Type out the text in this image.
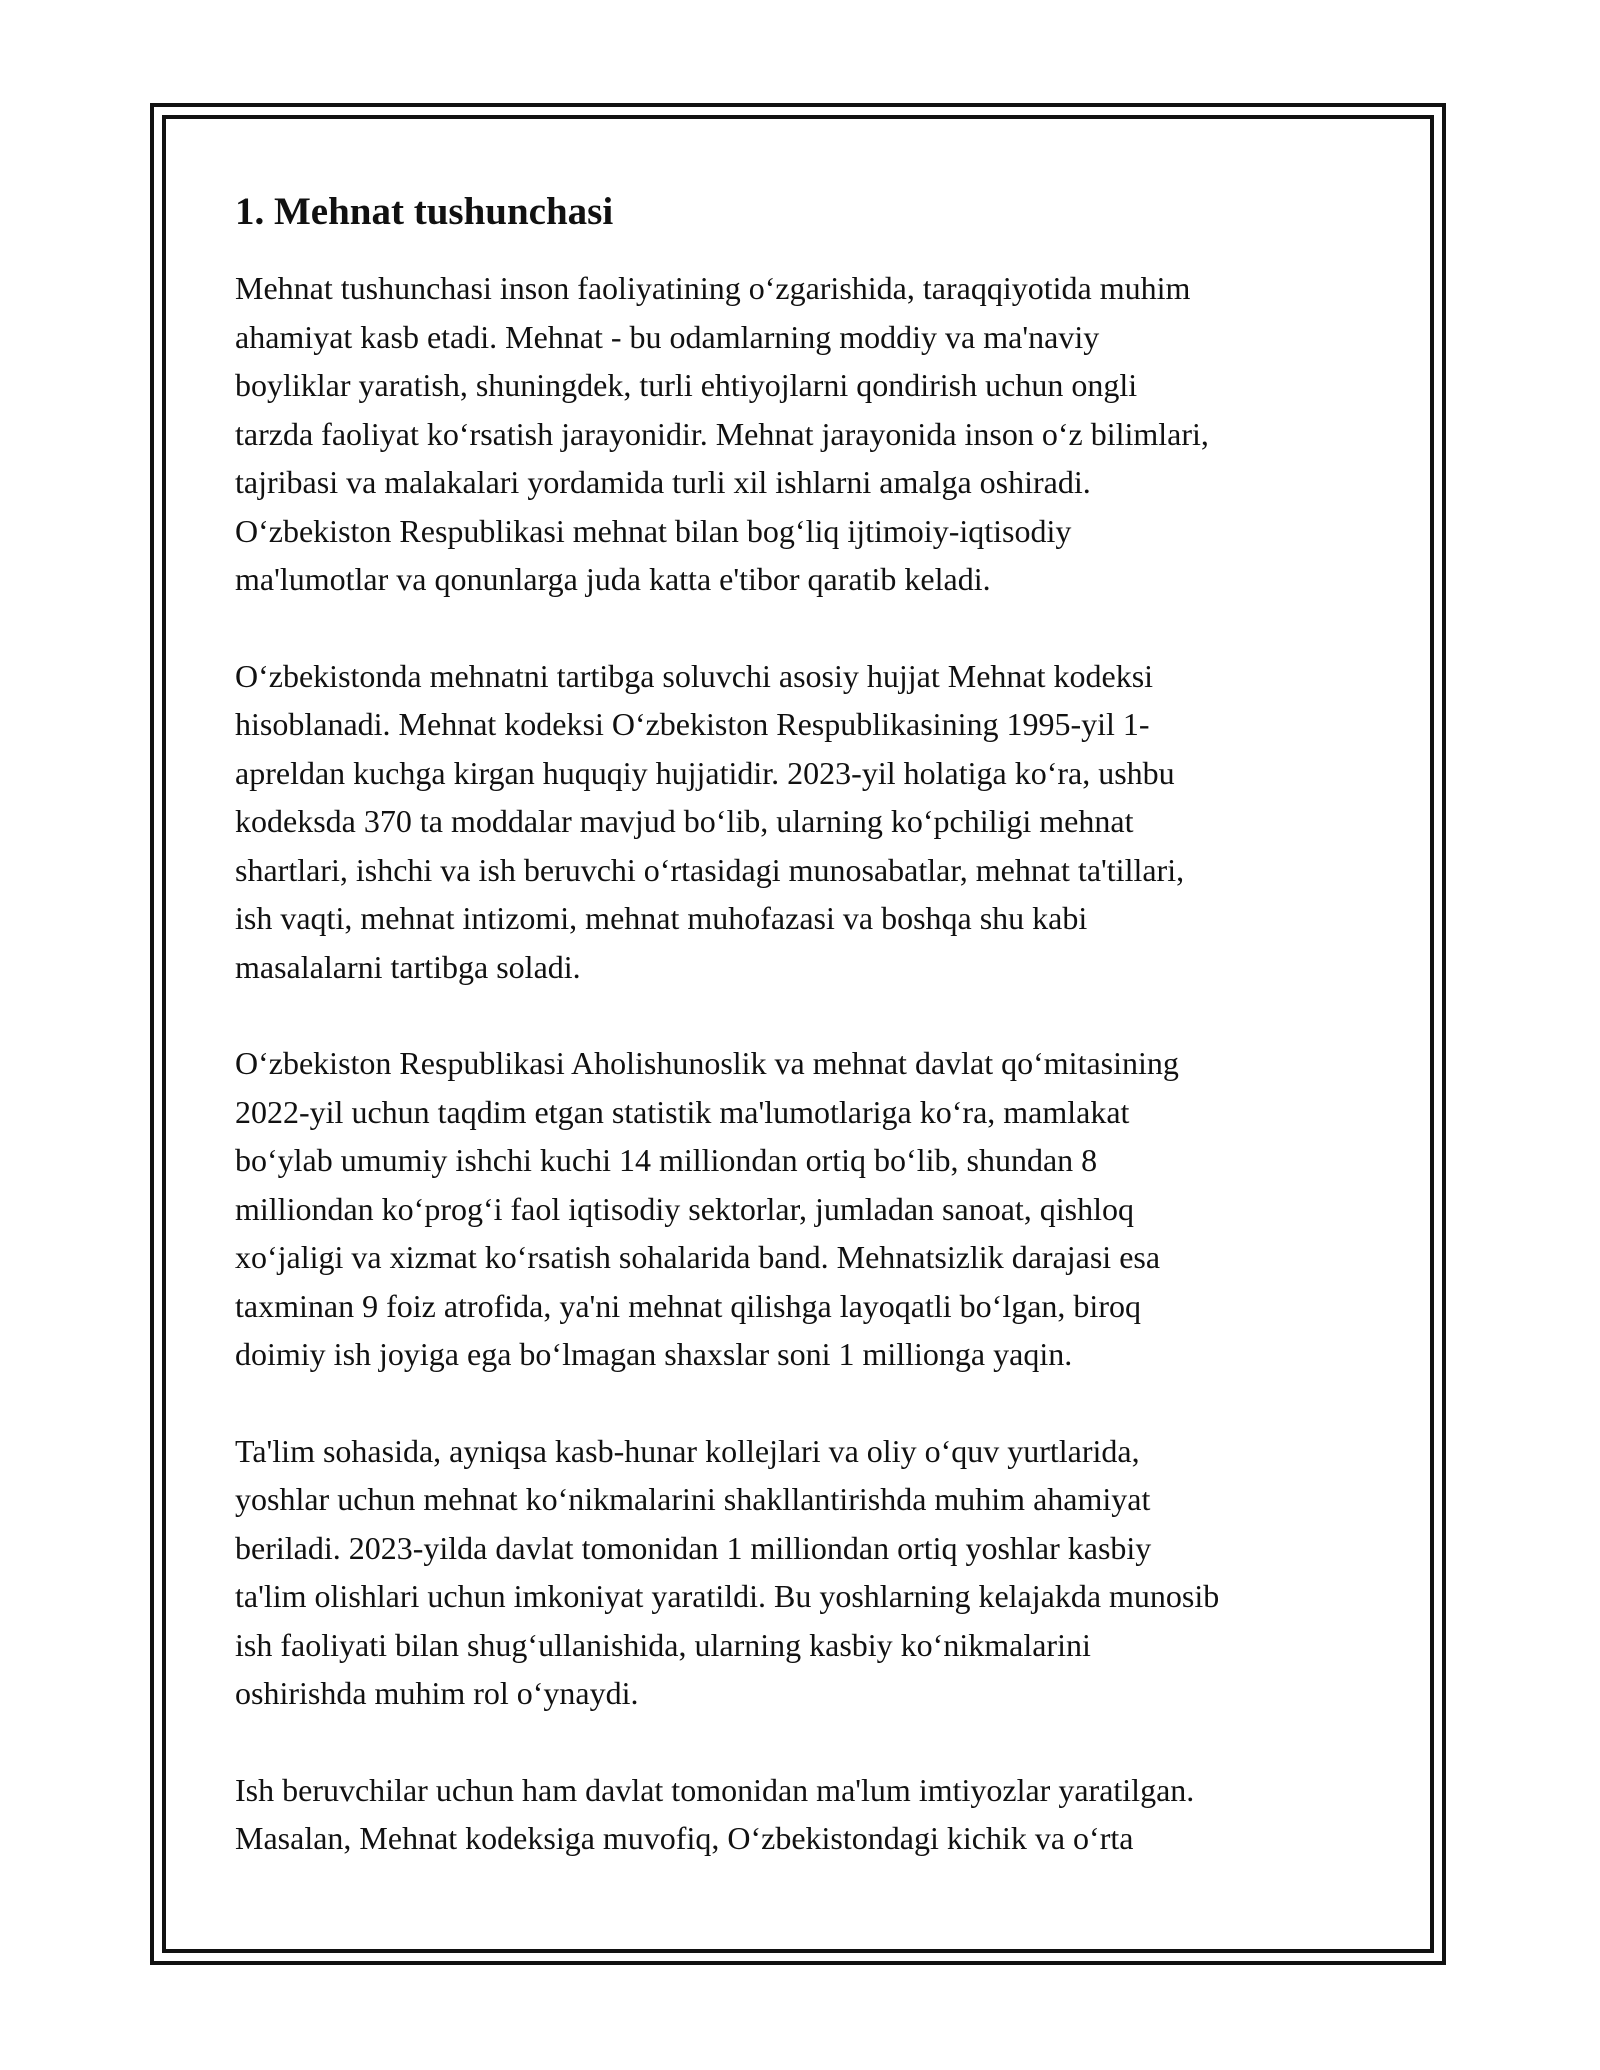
1. Mehnat tushunchasi

Mehnat tushunchasi inson faoliyatining o‘zgarishida, taraqqiyotida muhim
ahamiyat kasb etadi. Mehnat - bu odamlarning moddiy va ma'naviy
boyliklar yaratish, shuningdek, turli ehtiyojlarni qondirish uchun ongli
tarzda faoliyat ko‘rsatish jarayonidir. Mehnat jarayonida inson o‘z bilimlari,
tajribasi va malakalari yordamida turli xil ishlarni amalga oshiradi.
O‘zbekiston Respublikasi mehnat bilan bog‘liq ijtimoiy-iqtisodiy
ma'lumotlar va qonunlarga juda katta e'tibor qaratib keladi.

O‘zbekistonda mehnatni tartibga soluvchi asosiy hujjat Mehnat kodeksi
hisoblanadi. Mehnat kodeksi O‘zbekiston Respublikasining 1995-yil 1-
apreldan kuchga kirgan huquqiy hujjatidir. 2023-yil holatiga ko‘ra, ushbu
kodeksda 370 ta moddalar mavjud bo‘lib, ularning ko‘pchiligi mehnat
shartlari, ishchi va ish beruvchi o‘rtasidagi munosabatlar, mehnat ta'tillari,
ish vaqti, mehnat intizomi, mehnat muhofazasi va boshqa shu kabi
masalalarni tartibga soladi.

O‘zbekiston Respublikasi Aholishunoslik va mehnat davlat qo‘mitasining
2022-yil uchun taqdim etgan statistik ma'lumotlariga ko‘ra, mamlakat
bo‘ylab umumiy ishchi kuchi 14 milliondan ortiq bo‘lib, shundan 8
milliondan ko‘prog‘i faol iqtisodiy sektorlar, jumladan sanoat, qishloq
xo‘jaligi va xizmat ko‘rsatish sohalarida band. Mehnatsizlik darajasi esa
taxminan 9 foiz atrofida, ya'ni mehnat qilishga layoqatli bo‘lgan, biroq
doimiy ish joyiga ega bo‘lmagan shaxslar soni 1 millionga yaqin.

Ta'lim sohasida, ayniqsa kasb-hunar kollejlari va oliy o‘quv yurtlarida,
yoshlar uchun mehnat ko‘nikmalarini shakllantirishda muhim ahamiyat
beriladi. 2023-yilda davlat tomonidan 1 milliondan ortiq yoshlar kasbiy
ta'lim olishlari uchun imkoniyat yaratildi. Bu yoshlarning kelajakda munosib
ish faoliyati bilan shug‘ullanishida, ularning kasbiy ko‘nikmalarini
oshirishda muhim rol o‘ynaydi.

Ish beruvchilar uchun ham davlat tomonidan ma'lum imtiyozlar yaratilgan.
Masalan, Mehnat kodeksiga muvofiq, O‘zbekistondagi kichik va o‘rta
